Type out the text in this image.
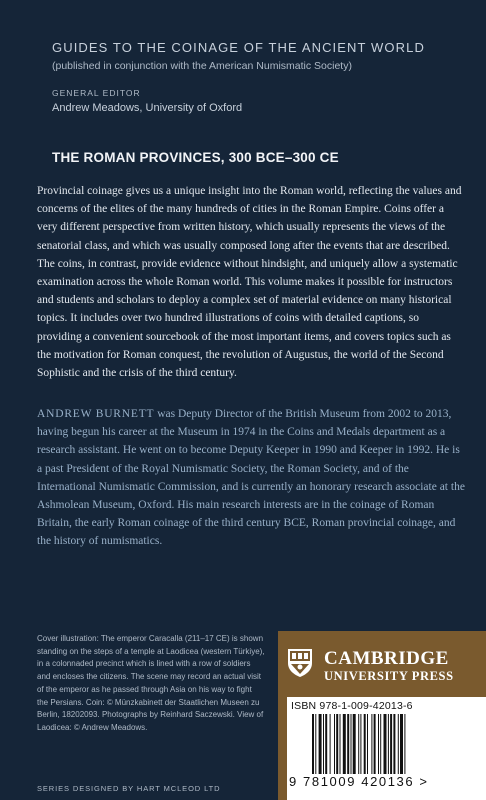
GUIDES TO THE COINAGE OF THE ANCIENT WORLD
(published in conjunction with the American Numismatic Society)
GENERAL EDITOR
Andrew Meadows, University of Oxford
THE ROMAN PROVINCES, 300 BCE–300 CE

Provincial coinage gives us a unique insight into the Roman world, reflecting the values and concerns of the elites of the many hundreds of cities in the Roman Empire. Coins offer a very different perspective from written history, which usually represents the views of the senatorial class, and which was usually composed long after the events that are described. The coins, in contrast, provide evidence without hindsight, and uniquely allow a systematic examination across the whole Roman world. This volume makes it possible for instructors and students and scholars to deploy a complex set of material evidence on many historical topics. It includes over two hundred illustrations of coins with detailed captions, so providing a convenient sourcebook of the most important items, and covers topics such as the motivation for Roman conquest, the revolution of Augustus, the world of the Second Sophistic and the crisis of the third century.

ANDREW BURNETT was Deputy Director of the British Museum from 2002 to 2013, having begun his career at the Museum in 1974 in the Coins and Medals department as a research assistant. He went on to become Deputy Keeper in 1990 and Keeper in 1992. He is a past President of the Royal Numismatic Society, the Roman Society, and of the International Numismatic Commission, and is currently an honorary research associate at the Ashmolean Museum, Oxford. His main research interests are in the coinage of Roman Britain, the early Roman coinage of the third century BCE, Roman provincial coinage, and the history of numismatics.

Cover illustration: The emperor Caracalla (211–17 CE) is shown standing on the steps of a temple at Laodicea (western Türkiye), in a colonnaded precinct which is lined with a row of soldiers and encloses the citizens. The scene may record an actual visit of the emperor as he passed through Asia on his way to fight the Persians. Coin: © Münzkabinett der Staatlichen Museen zu Berlin, 18202093. Photographs by Reinhard Saczewski. View of Laodicea: © Andrew Meadows.

SERIES DESIGNED BY HART MCLEOD LTD
CAMBRIDGE
UNIVERSITY PRESS
ISBN 978-1-009-42013-6
9 781009 420136 >
